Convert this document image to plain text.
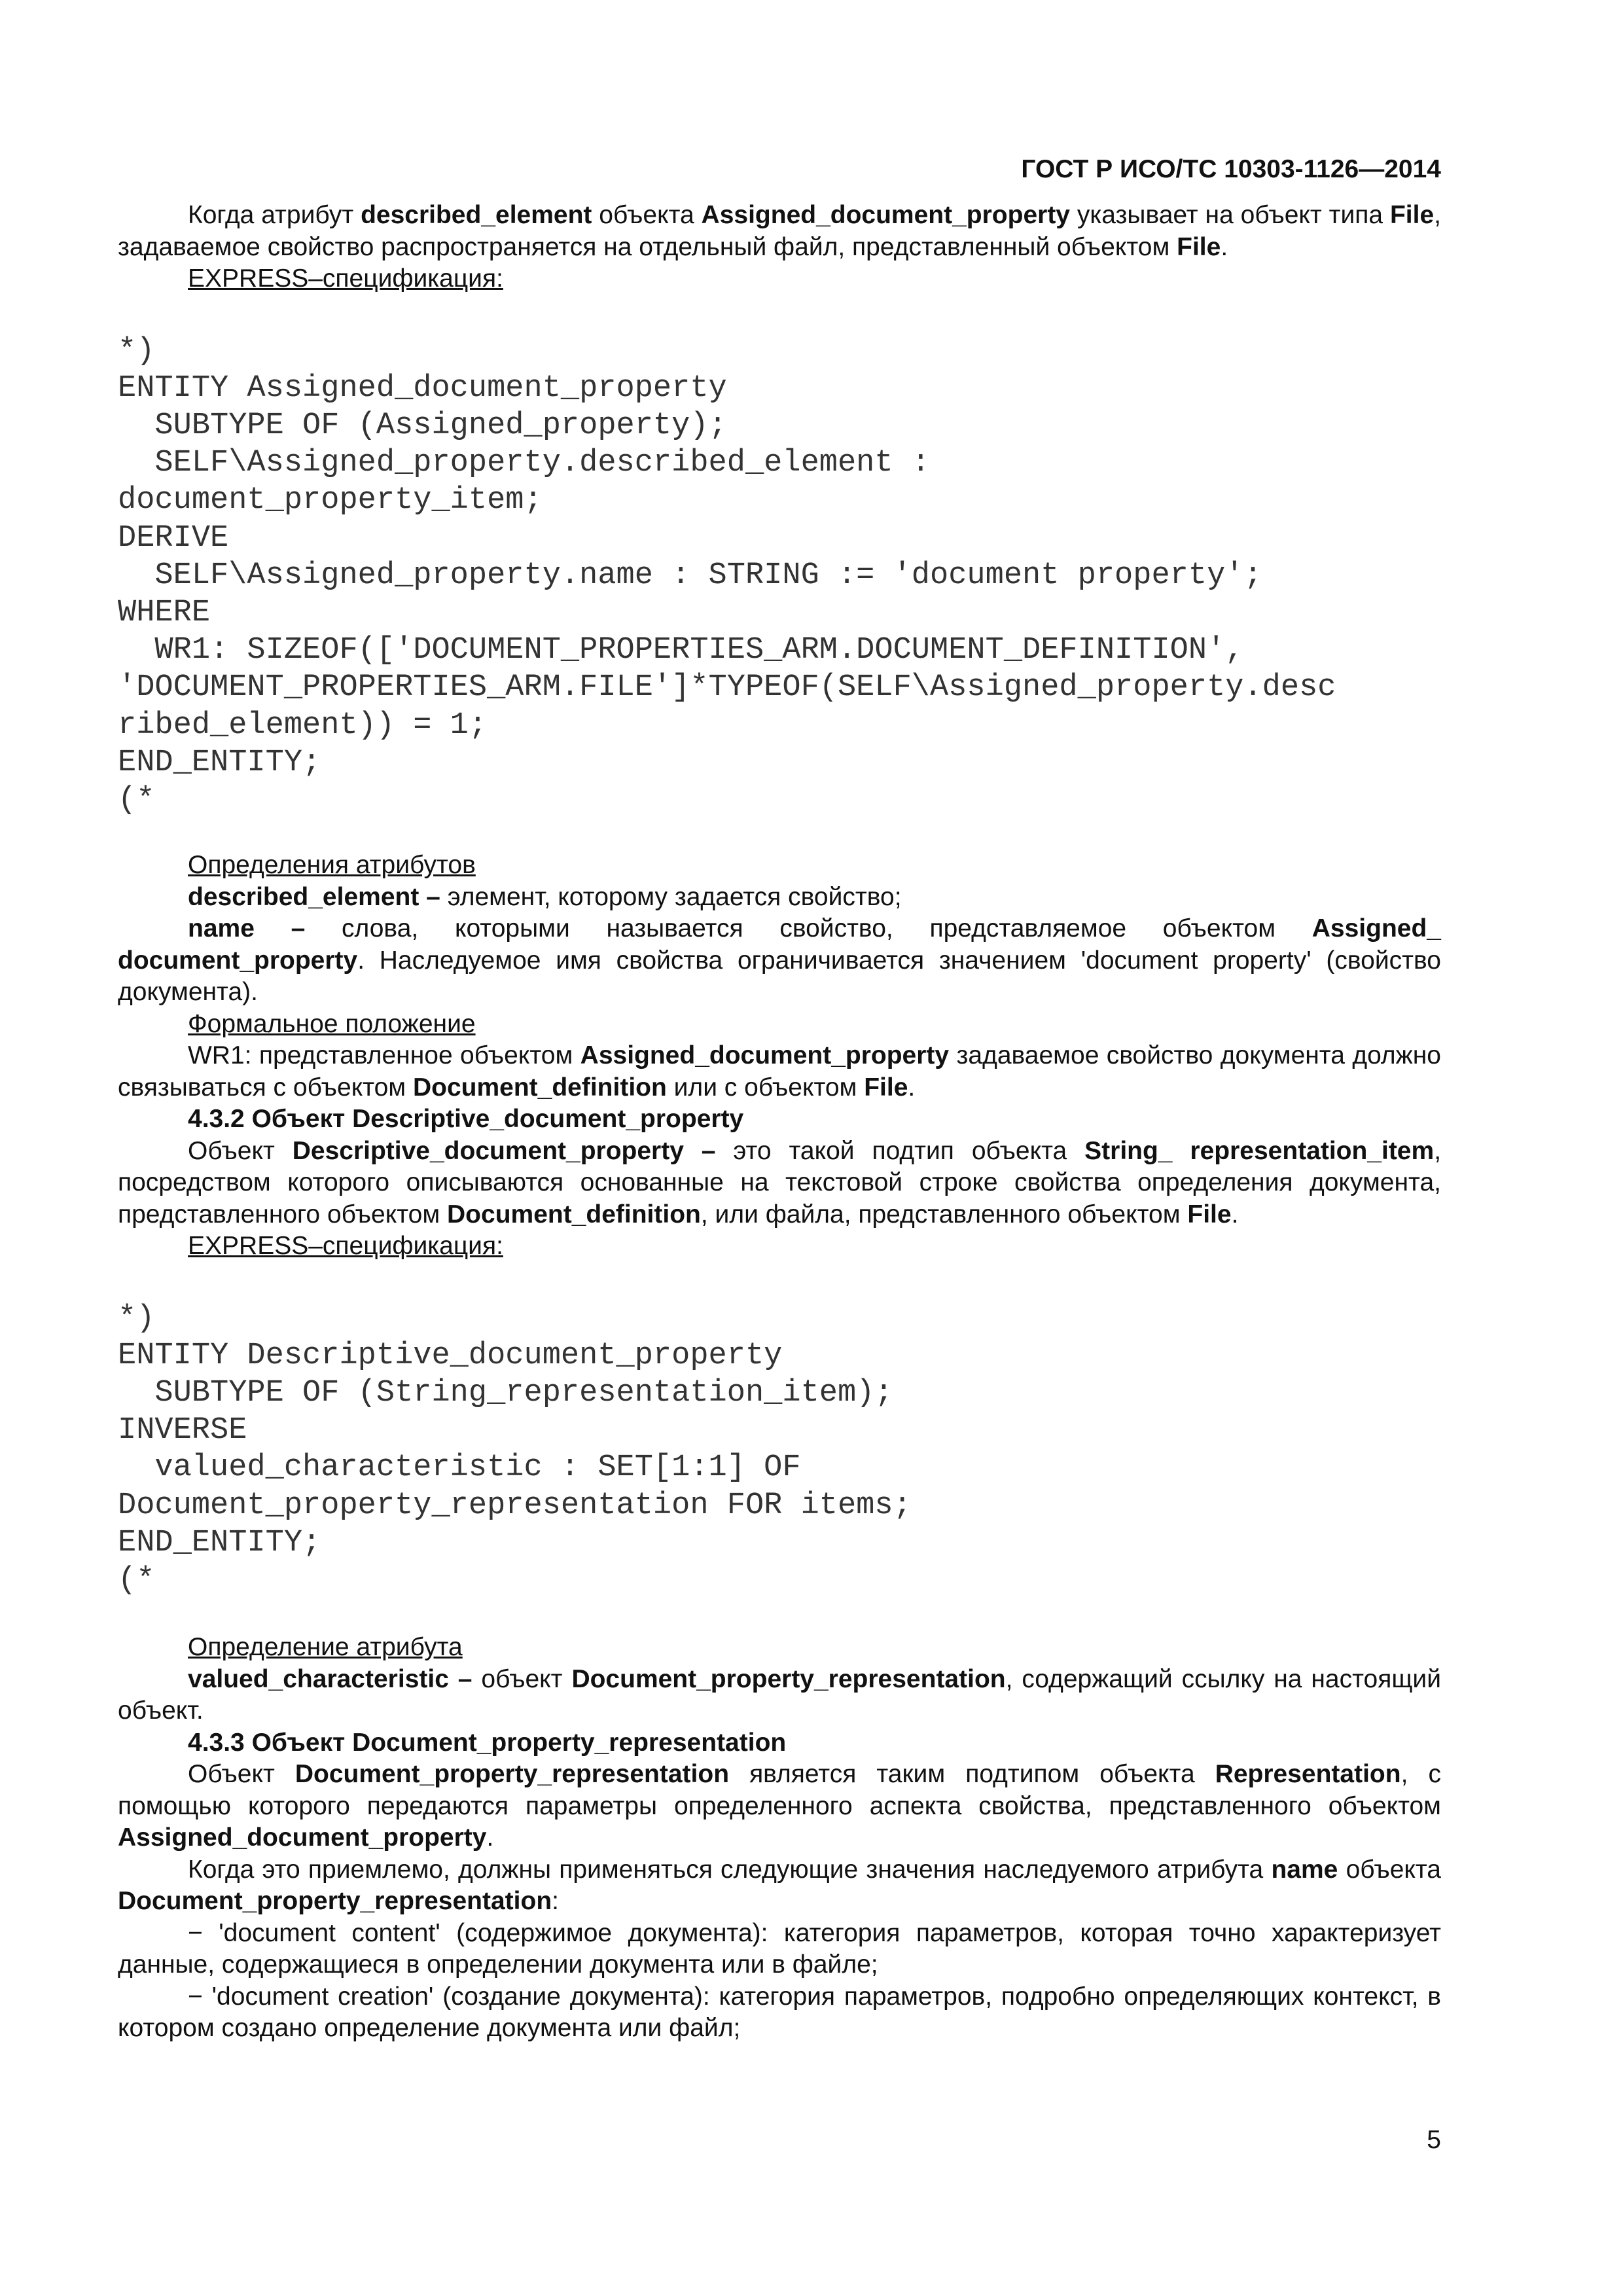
ГОСТ Р ИСО/ТС 10303-1126—2014

Когда атрибут described_element объекта Assigned_document_property указывает на объект типа File, задаваемое свойство распространяется на отдельный файл, представленный объектом File.

EXPRESS–спецификация:

*)
ENTITY Assigned_document_property
SUBTYPE OF (Assigned_property);
SELF\Assigned_property.described_element :
document_property_item;
DERIVE
SELF\Assigned_property.name : STRING := 'document property';
WHERE
WR1: SIZEOF(['DOCUMENT_PROPERTIES_ARM.DOCUMENT_DEFINITION',
'DOCUMENT_PROPERTIES_ARM.FILE']*TYPEOF(SELF\Assigned_property.desc
ribed_element)) = 1;
END_ENTITY;
(*

Определения атрибутов

described_element – элемент, которому задается свойство;

name – слова, которыми называется свойство, представляемое объектом Assigned_ document_property. Наследуемое имя свойства ограничивается значением 'document property' (свойство документа).

Формальное положение

WR1: представленное объектом Assigned_document_property задаваемое свойство документа должно связываться с объектом Document_definition или с объектом File.

4.3.2 Объект Descriptive_document_property

Объект Descriptive_document_property – это такой подтип объекта String_ representation_item, посредством которого описываются основанные на текстовой строке свойства определения документа, представленного объектом Document_definition, или файла, представленного объектом File.

EXPRESS–спецификация:

*)
ENTITY Descriptive_document_property
SUBTYPE OF (String_representation_item);
INVERSE
valued_characteristic : SET[1:1] OF
Document_property_representation FOR items;
END_ENTITY;
(*

Определение атрибута

valued_characteristic – объект Document_property_representation, содержащий ссылку на настоящий объект.

4.3.3 Объект Document_property_representation

Объект Document_property_representation является таким подтипом объекта Representation, с помощью которого передаются параметры определенного аспекта свойства, представленного объектом Assigned_document_property.

Когда это приемлемо, должны применяться следующие значения наследуемого атрибута name объекта Document_property_representation:

− 'document content' (содержимое документа): категория параметров, которая точно характеризует данные, содержащиеся в определении документа или в файле;

− 'document creation' (создание документа): категория параметров, подробно определяющих контекст, в котором создано определение документа или файл;

5
